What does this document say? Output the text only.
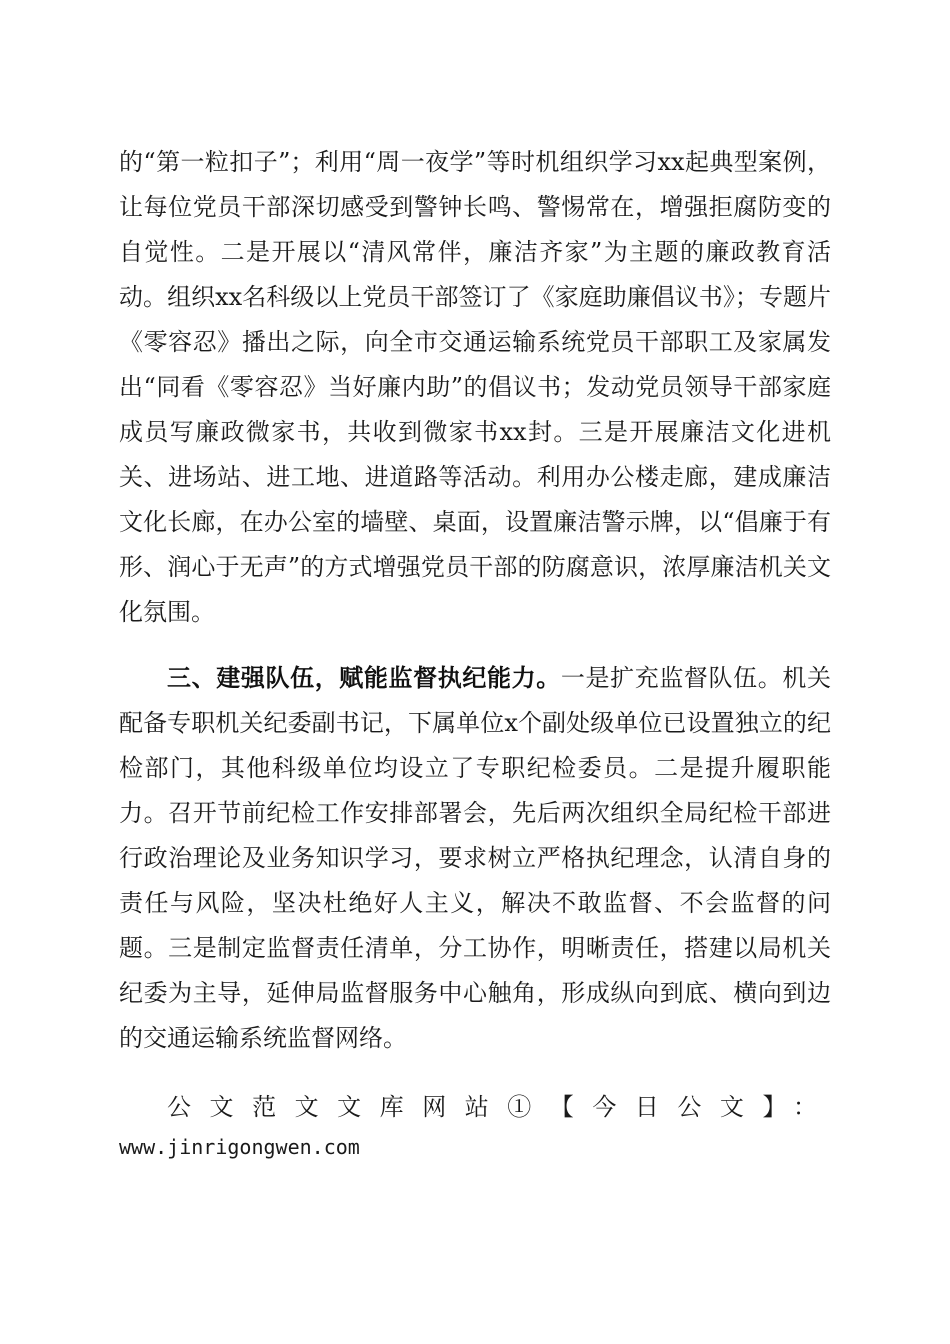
的“第一粒扣子”；利用“周一夜学”等时机组织学习xx起典型案例，让每位党员干部深切感受到警钟长鸣、警惕常在，增强拒腐防变的自觉性。二是开展以“清风常伴，廉洁齐家”为主题的廉政教育活动。组织xx名科级以上党员干部签订了《家庭助廉倡议书》；专题片《零容忍》播出之际，向全市交通运输系统党员干部职工及家属发出“同看《零容忍》当好廉内助”的倡议书；发动党员领导干部家庭成员写廉政微家书，共收到微家书xx封。三是开展廉洁文化进机关、进场站、进工地、进道路等活动。利用办公楼走廊，建成廉洁文化长廊，在办公室的墙壁、桌面，设置廉洁警示牌，以“倡廉于有形、润心于无声”的方式增强党员干部的防腐意识，浓厚廉洁机关文化氛围。

三、建强队伍，赋能监督执纪能力。一是扩充监督队伍。机关配备专职机关纪委副书记，下属单位x个副处级单位已设置独立的纪检部门，其他科级单位均设立了专职纪检委员。二是提升履职能力。召开节前纪检工作安排部署会，先后两次组织全局纪检干部进行政治理论及业务知识学习，要求树立严格执纪理念，认清自身的责任与风险，坚决杜绝好人主义，解决不敢监督、不会监督的问题。三是制定监督责任清单，分工协作，明晰责任，搭建以局机关纪委为主导，延伸局监督服务中心触角，形成纵向到底、横向到边的交通运输系统监督网络。

公文范文文库网站①【今日公文】：

www.jinrigongwen.com
